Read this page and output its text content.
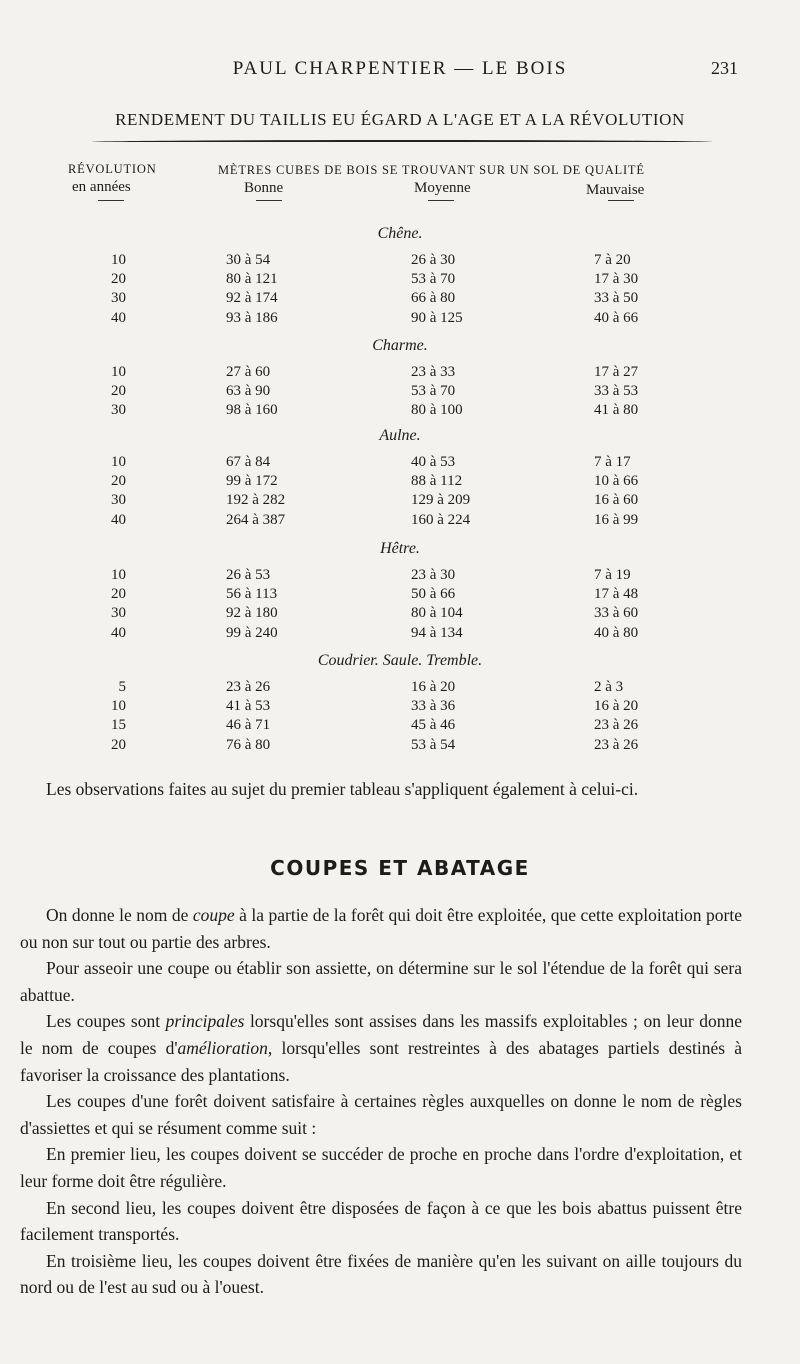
PAUL CHARPENTIER — LE BOIS	231
RENDEMENT DU TAILLIS EU ÉGARD A L'AGE ET A LA RÉVOLUTION
RÉVOLUTION
en années
MÈTRES CUBES DE BOIS SE TROUVANT SUR UN SOL DE QUALITÉ
Bonne	Moyenne	Mauvaise
Chêne.
10	30 à 54	26 à 30	7 à 20
20	80 à 121	53 à 70	17 à 30
30	92 à 174	66 à 80	33 à 50
40	93 à 186	90 à 125	40 à 66
Charme.
10	27 à 60	23 à 33	17 à 27
20	63 à 90	53 à 70	33 à 53
30	98 à 160	80 à 100	41 à 80
Aulne.
10	67 à 84	40 à 53	7 à 17
20	99 à 172	88 à 112	10 à 66
30	192 à 282	129 à 209	16 à 60
40	264 à 387	160 à 224	16 à 99
Hêtre.
10	26 à 53	23 à 30	7 à 19
20	56 à 113	50 à 66	17 à 48
30	92 à 180	80 à 104	33 à 60
40	99 à 240	94 à 134	40 à 80
Coudrier. Saule. Tremble.
5	23 à 26	16 à 20	2 à 3
10	41 à 53	33 à 36	16 à 20
15	46 à 71	45 à 46	23 à 26
20	76 à 80	53 à 54	23 à 26

Les observations faites au sujet du premier tableau s'appliquent également à celui-ci.

COUPES ET ABATAGE

On donne le nom de coupe à la partie de la forêt qui doit être exploitée, que cette exploitation porte ou non sur tout ou partie des arbres.

Pour asseoir une coupe ou établir son assiette, on détermine sur le sol l'étendue de la forêt qui sera abattue.

Les coupes sont principales lorsqu'elles sont assises dans les massifs exploitables ; on leur donne le nom de coupes d'amélioration, lorsqu'elles sont restreintes à des abatages partiels destinés à favoriser la croissance des plantations.

Les coupes d'une forêt doivent satisfaire à certaines règles auxquelles on donne le nom de règles d'assiettes et qui se résument comme suit :

En premier lieu, les coupes doivent se succéder de proche en proche dans l'ordre d'exploitation, et leur forme doit être régulière.

En second lieu, les coupes doivent être disposées de façon à ce que les bois abattus puissent être facilement transportés.

En troisième lieu, les coupes doivent être fixées de manière qu'en les suivant on aille toujours du nord ou de l'est au sud ou à l'ouest.
